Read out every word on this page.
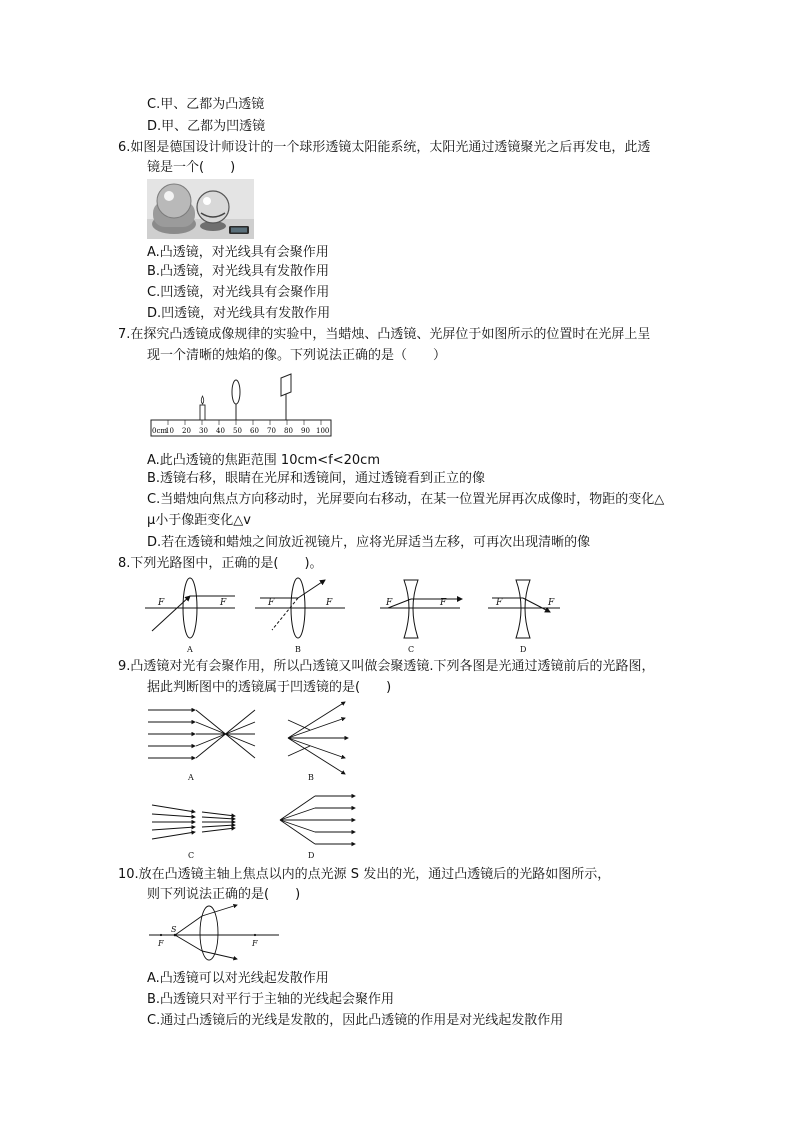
C.甲、乙都为凸透镜
D.甲、乙都为凹透镜
6.如图是德国设计师设计的一个球形透镜太阳能系统，太阳光通过透镜聚光之后再发电，此透
镜是一个(　　)
A.凸透镜，对光线具有会聚作用
B.凸透镜，对光线具有发散作用
C.凹透镜，对光线具有会聚作用
D.凹透镜，对光线具有发散作用
7.在探究凸透镜成像规律的实验中，当蜡烛、凸透镜、光屏位于如图所示的位置时在光屏上呈
现一个清晰的烛焰的像。下列说法正确的是（　　）
0cm
10 20 30 40 50 60 70 80 90 100
A.此凸透镜的焦距范围 10cm<f<20cm
B.透镜右移，眼睛在光屏和透镜间，通过透镜看到正立的像
C.当蜡烛向焦点方向移动时，光屏要向右移动，在某一位置光屏再次成像时，物距的变化△
μ小于像距变化△v
D.若在透镜和蜡烛之间放近视镜片，应将光屏适当左移，可再次出现清晰的像
8.下列光路图中，正确的是(　　)。
F	F	F	F	F	F	F	F
A	B	C	D
9.凸透镜对光有会聚作用，所以凸透镜又叫做会聚透镜.下列各图是光通过透镜前后的光路图，
据此判断图中的透镜属于凹透镜的是(　　)
A	B
C	D
10.放在凸透镜主轴上焦点以内的点光源 S 发出的光，通过凸透镜后的光路如图所示，
则下列说法正确的是(　　)
S
F	F
A.凸透镜可以对光线起发散作用
B.凸透镜只对平行于主轴的光线起会聚作用
C.通过凸透镜后的光线是发散的，因此凸透镜的作用是对光线起发散作用
